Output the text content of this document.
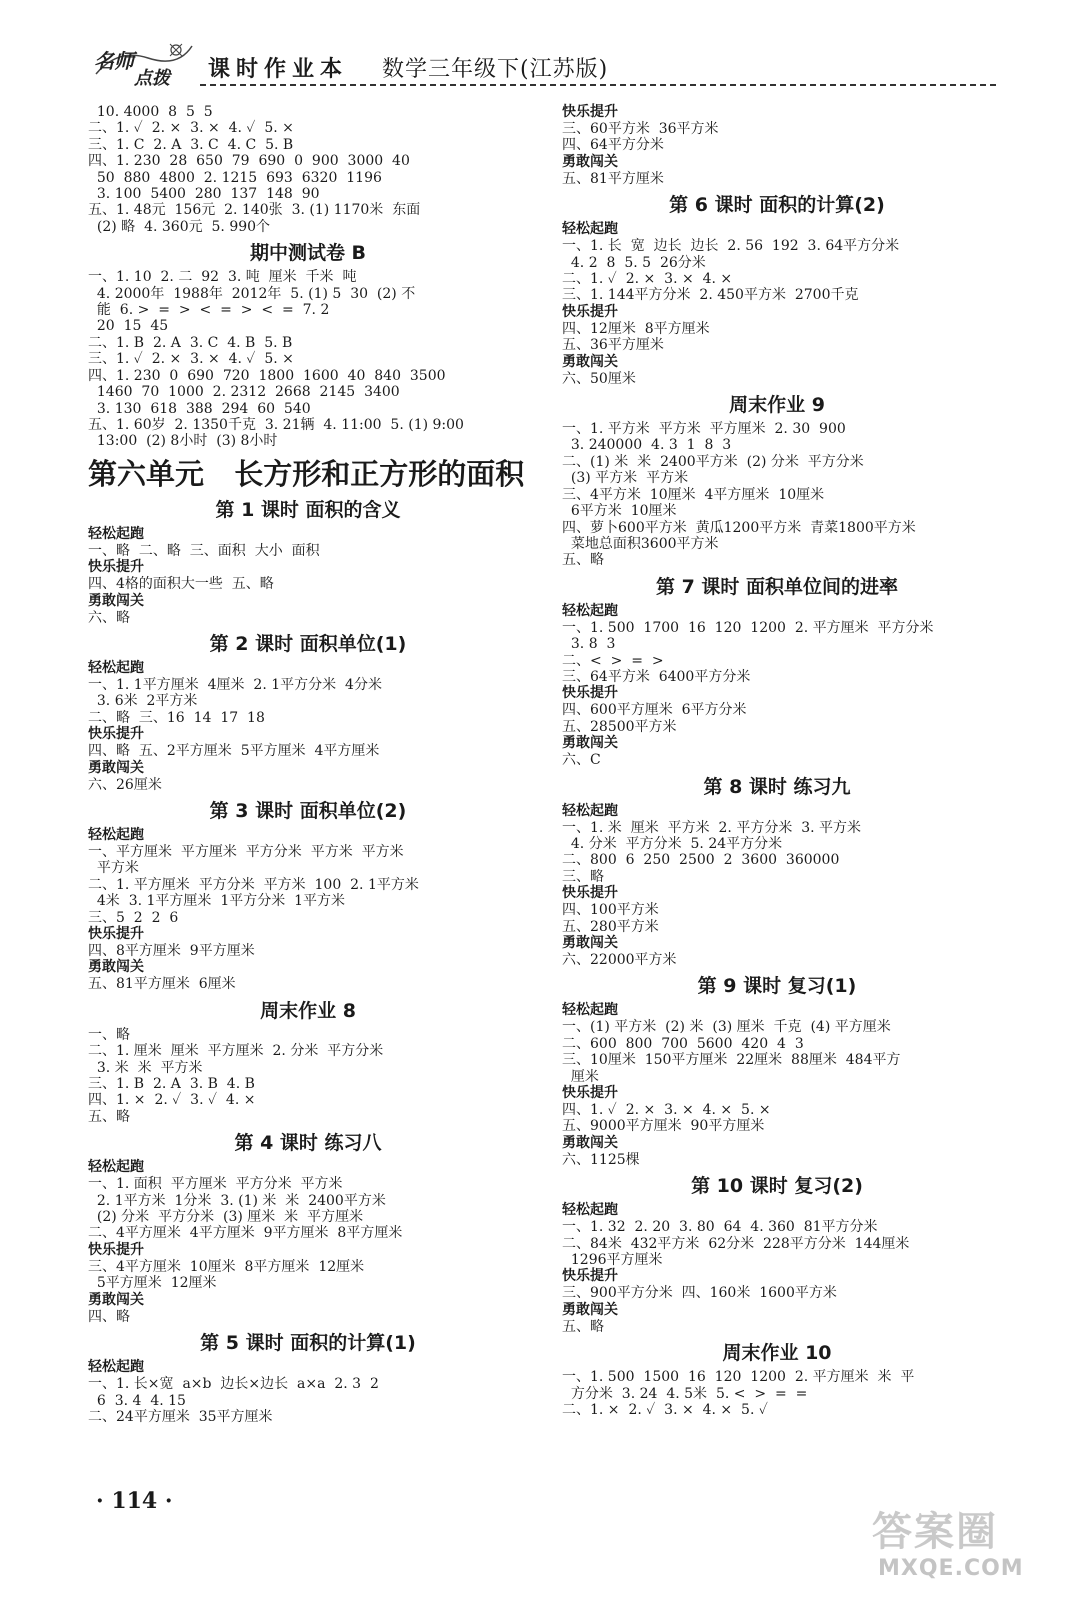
名师
点拨 课时作业本 数学三年级下(江苏版)
10. 4000  8  5  5
二、1. ✓  2. ×  3. ×  4. ✓  5. ×
三、1. C  2. A  3. C  4. C  5. B
四、1. 230  28  650  79  690  0  900  3000  40
50  880  4800  2. 1215  693  6320  1196
3. 100  5400  280  137  148  90
五、1. 48元  156元  2. 140张  3. (1) 1170米  东面
(2) 略  4. 360元  5. 990个
期中测试卷 B
一、1. 10  2. 二  92  3. 吨  厘米  千米  吨
4. 2000年  1988年  2012年  5. (1) 5  30  (2) 不
能  6. >  =  >  <  =  >  <  =  7. 2
20  15  45
二、1. B  2. A  3. C  4. B  5. B
三、1. ✓  2. ×  3. ×  4. ✓  5. ×
四、1. 230  0  690  720  1800  1600  40  840  3500
1460  70  1000  2. 2312  2668  2145  3400
3. 130  618  388  294  60  540
五、1. 60岁  2. 1350千克  3. 21辆  4. 11:00  5. (1) 9:00
13:00  (2) 8小时  (3) 8小时
第六单元   长方形和正方形的面积
第 1 课时 面积的含义
轻松起跑
一、略  二、略  三、面积  大小  面积
快乐提升
四、4格的面积大一些  五、略
勇敢闯关
六、略
第 2 课时 面积单位(1)
轻松起跑
一、1. 1平方厘米  4厘米  2. 1平方分米  4分米
3. 6米  2平方米
二、略  三、16  14  17  18
快乐提升
四、略  五、2平方厘米  5平方厘米  4平方厘米
勇敢闯关
六、26厘米
第 3 课时 面积单位(2)
轻松起跑
一、平方厘米  平方厘米  平方分米  平方米  平方米
平方米
二、1. 平方厘米  平方分米  平方米  100  2. 1平方米
4米  3. 1平方厘米  1平方分米  1平方米
三、5  2  2  6
快乐提升
四、8平方厘米  9平方厘米
勇敢闯关
五、81平方厘米  6厘米
周末作业 8
一、略
二、1. 厘米  厘米  平方厘米  2. 分米  平方分米
3. 米  米  平方米
三、1. B  2. A  3. B  4. B
四、1. ×  2. ✓  3. ✓  4. ×
五、略
第 4 课时 练习八
轻松起跑
一、1. 面积  平方厘米  平方分米  平方米
2. 1平方米  1分米  3. (1) 米  米  2400平方米
(2) 分米  平方分米  (3) 厘米  米  平方厘米
二、4平方厘米  4平方厘米  9平方厘米  8平方厘米
快乐提升
三、4平方厘米  10厘米  8平方厘米  12厘米
5平方厘米  12厘米
勇敢闯关
四、略
第 5 课时 面积的计算(1)
轻松起跑
一、1. 长×宽  a×b  边长×边长  a×a  2. 3  2
6  3. 4  4. 15
二、24平方厘米  35平方厘米
快乐提升
三、60平方米  36平方米
四、64平方分米
勇敢闯关
五、81平方厘米
第 6 课时 面积的计算(2)
轻松起跑
一、1. 长  宽  边长  边长  2. 56  192  3. 64平方分米
4. 2  8  5. 5  26分米
二、1. ✓  2. ×  3. ×  4. ×
三、1. 144平方分米  2. 450平方米  2700千克
快乐提升
四、12厘米  8平方厘米
五、36平方厘米
勇敢闯关
六、50厘米
周末作业 9
一、1. 平方米  平方米  平方厘米  2. 30  900
3. 240000  4. 3  1  8  3
二、(1) 米  米  2400平方米  (2) 分米  平方分米
(3) 平方米  平方米
三、4平方米  10厘米  4平方厘米  10厘米
6平方米  10厘米
四、萝卜600平方米  黄瓜1200平方米  青菜1800平方米
菜地总面积3600平方米
五、略
第 7 课时 面积单位间的进率
轻松起跑
一、1. 500  1700  16  120  1200  2. 平方厘米  平方分米
3. 8  3
二、<  >  =  >
三、64平方米  6400平方分米
快乐提升
四、600平方厘米  6平方分米
五、28500平方米
勇敢闯关
六、C
第 8 课时 练习九
轻松起跑
一、1. 米  厘米  平方米  2. 平方分米  3. 平方米
4. 分米  平方分米  5. 24平方分米
二、800  6  250  2500  2  3600  360000
三、略
快乐提升
四、100平方米
五、280平方米
勇敢闯关
六、22000平方米
第 9 课时 复习(1)
轻松起跑
一、(1) 平方米  (2) 米  (3) 厘米  千克  (4) 平方厘米
二、600  800  700  5600  420  4  3
三、10厘米  150平方厘米  22厘米  88厘米  484平方
厘米
快乐提升
四、1. ✓  2. ×  3. ×  4. ×  5. ×
五、9000平方厘米  90平方厘米
勇敢闯关
六、1125棵
第 10 课时 复习(2)
轻松起跑
一、1. 32  2. 20  3. 80  64  4. 360  81平方分米
二、84米  432平方米  62分米  228平方分米  144厘米
1296平方厘米
快乐提升
三、900平方分米  四、160米  1600平方米
勇敢闯关
五、略
周末作业 10
一、1. 500  1500  16  120  1200  2. 平方厘米  米  平
方分米  3. 24  4. 5米  5. <  >  =  =
二、1. ×  2. ✓  3. ×  4. ×  5. ✓
· 114 ·
答案圈
MXQE.COM
